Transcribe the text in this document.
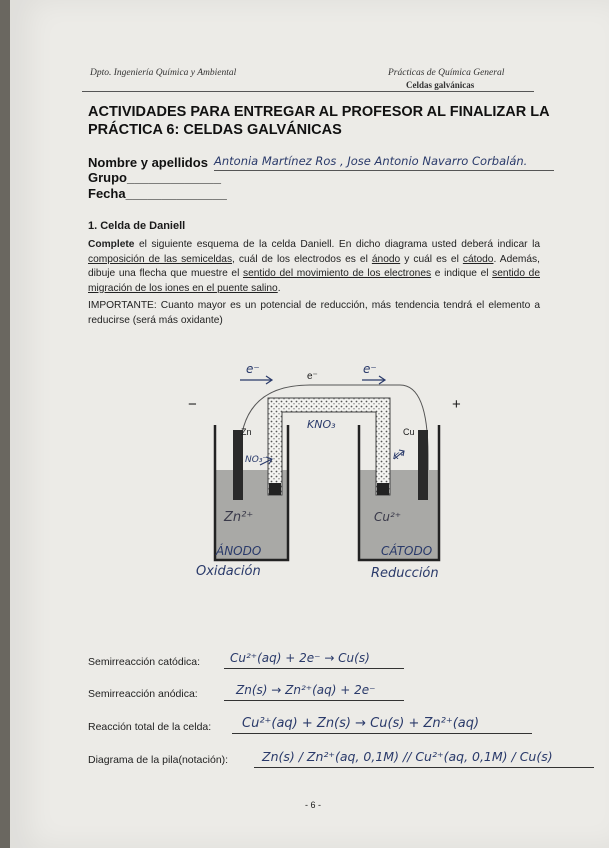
Dpto. Ingeniería Química y Ambiental	Prácticas de Química General
Celdas galvánicas
ACTIVIDADES PARA ENTREGAR AL PROFESOR AL FINALIZAR LA
PRÁCTICA 6: CELDAS GALVÁNICAS
Nombre y apellidos Antonia Martínez Ros , Jose Antonio Navarro Corbalán.
Grupo_____________
Fecha______________
1. Celda de Daniell
Complete el siguiente esquema de la celda Daniell. En dicho diagrama usted deberá indicar la composición de las semiceldas, cuál de los electrodos es el ánodo y cuál es el cátodo. Además, dibuje una flecha que muestre el sentido del movimiento de los electrones e indique el sentido de migración de los iones en el puente salino.
IMPORTANTE: Cuanto mayor es un potencial de reducción, más tendencia tendrá el elemento a reducirse (será más oxidante)
e⁻
e⁻
e⁻
−	+
Zn	Cu
KNO₃
NO₃⁻	K⁺
Zn²⁺	Cu²⁺
ÁNODO
Oxidación
CÁTODO
Reducción
Semirreacción catódica: Cu²⁺(aq) + 2e⁻ → Cu(s)
Semirreacción anódica:	Zn(s) → Zn²⁺(aq) + 2e⁻
Reacción total de la celda: Cu²⁺(aq) + Zn(s) → Cu(s) + Zn²⁺(aq)
Diagrama de la pila(notación):	Zn(s) / Zn²⁺(aq, 0,1M) // Cu²⁺(aq, 0,1M) / Cu(s)
- 6 -
